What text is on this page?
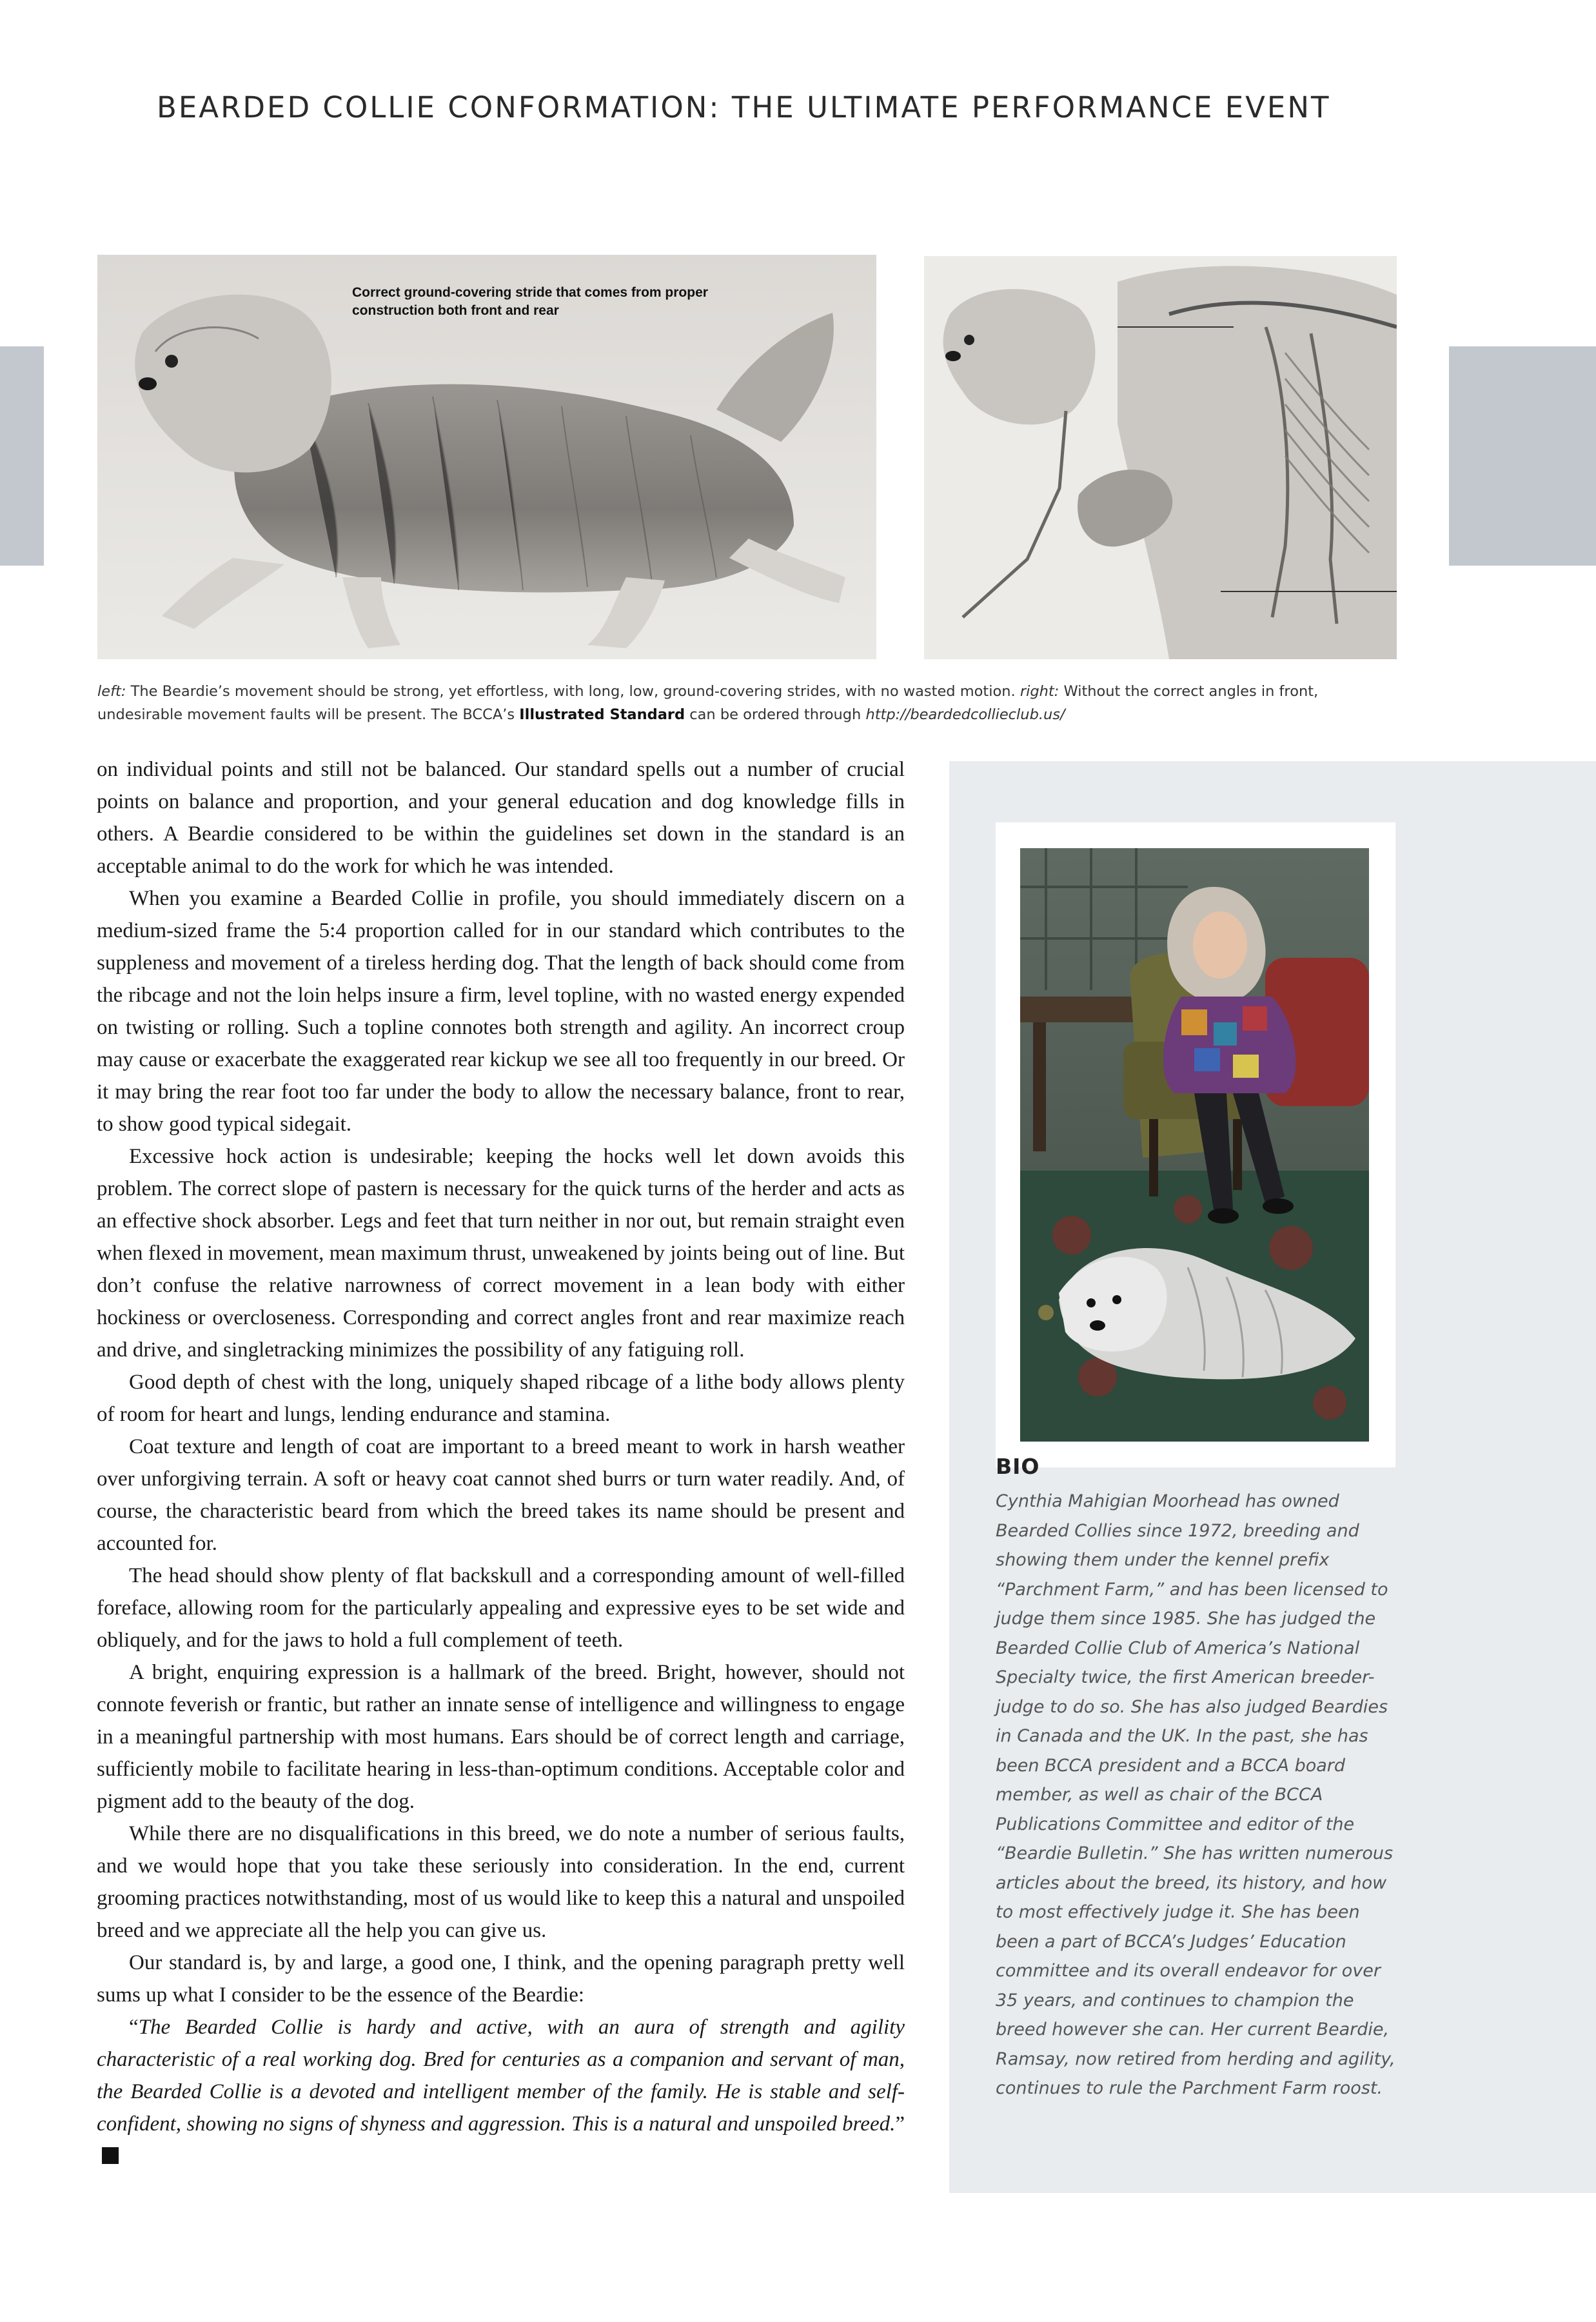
BEARDED COLLIE CONFORMATION: THE ULTIMATE PERFORMANCE EVENT
Correct ground-covering stride that comes from proper construction both front and rear
left: The Beardie’s movement should be strong, yet effortless, with long, low, ground-covering strides, with no wasted motion. right: Without the correct angles in front, undesirable movement faults will be present. The BCCA’s Illustrated Standard can be ordered through http://beardedcollieclub.us/

on individual points and still not be balanced. Our standard spells out a number of crucial points on balance and proportion, and your general education and dog knowledge fills in others. A Beardie considered to be within the guidelines set down in the standard is an acceptable animal to do the work for which he was intended.

When you examine a Bearded Collie in profile, you should immediately discern on a medium-sized frame the 5:4 proportion called for in our standard which contributes to the suppleness and movement of a tireless herding dog. That the length of back should come from the ribcage and not the loin helps insure a firm, level topline, with no wasted energy expended on twisting or rolling. Such a topline connotes both strength and agility. An incorrect croup may cause or exacerbate the exaggerated rear kickup we see all too frequently in our breed. Or it may bring the rear foot too far under the body to allow the necessary balance, front to rear, to show good typical sidegait.

Excessive hock action is undesirable; keeping the hocks well let down avoids this problem. The correct slope of pastern is necessary for the quick turns of the herder and acts as an effective shock absorber. Legs and feet that turn neither in nor out, but remain straight even when flexed in movement, mean maximum thrust, unweakened by joints being out of line. But don’t confuse the relative narrowness of correct movement in a lean body with either hockiness or overcloseness. Corresponding and correct angles front and rear maximize reach and drive, and singletracking minimizes the possibility of any fatiguing roll.

Good depth of chest with the long, uniquely shaped ribcage of a lithe body allows plenty of room for heart and lungs, lending endurance and stamina.

Coat texture and length of coat are important to a breed meant to work in harsh weather over unforgiving terrain. A soft or heavy coat cannot shed burrs or turn water readily. And, of course, the characteristic beard from which the breed takes its name should be present and accounted for.

The head should show plenty of flat backskull and a corresponding amount of well-filled foreface, allowing room for the particularly appealing and expressive eyes to be set wide and obliquely, and for the jaws to hold a full complement of teeth.

A bright, enquiring expression is a hallmark of the breed. Bright, however, should not connote feverish or frantic, but rather an innate sense of intelligence and willingness to engage in a meaningful partnership with most humans. Ears should be of correct length and carriage, sufficiently mobile to facilitate hearing in less-than-optimum conditions. Acceptable color and pigment add to the beauty of the dog.

While there are no disqualifications in this breed, we do note a number of serious faults, and we would hope that you take these seriously into consideration. In the end, current grooming practices notwithstanding, most of us would like to keep this a natural and unspoiled breed and we appreciate all the help you can give us.

Our standard is, by and large, a good one, I think, and the opening paragraph pretty well sums up what I consider to be the essence of the Beardie:

“The Bearded Collie is hardy and active, with an aura of strength and agility characteristic of a real working dog. Bred for centuries as a companion and servant of man, the Bearded Collie is a devoted and intelligent member of the family. He is stable and self-confident, showing no signs of shyness and aggression. This is a natural and unspoiled breed.”

BIO
Cynthia Mahigian Moorhead has owned Bearded Collies since 1972, breeding and showing them under the kennel prefix “Parchment Farm,” and has been licensed to judge them since 1985. She has judged the Bearded Collie Club of America’s National Specialty twice, the first American breeder-judge to do so. She has also judged Beardies in Canada and the UK. In the past, she has been BCCA president and a BCCA board member, as well as chair of the BCCA Publications Committee and editor of the “Beardie Bulletin.” She has written numerous articles about the breed, its history, and how to most effectively judge it. She has been been a part of BCCA’s Judges’ Education committee and its overall endeavor for over 35 years, and continues to champion the breed however she can. Her current Beardie, Ramsay, now retired from herding and agility, continues to rule the Parchment Farm roost.
